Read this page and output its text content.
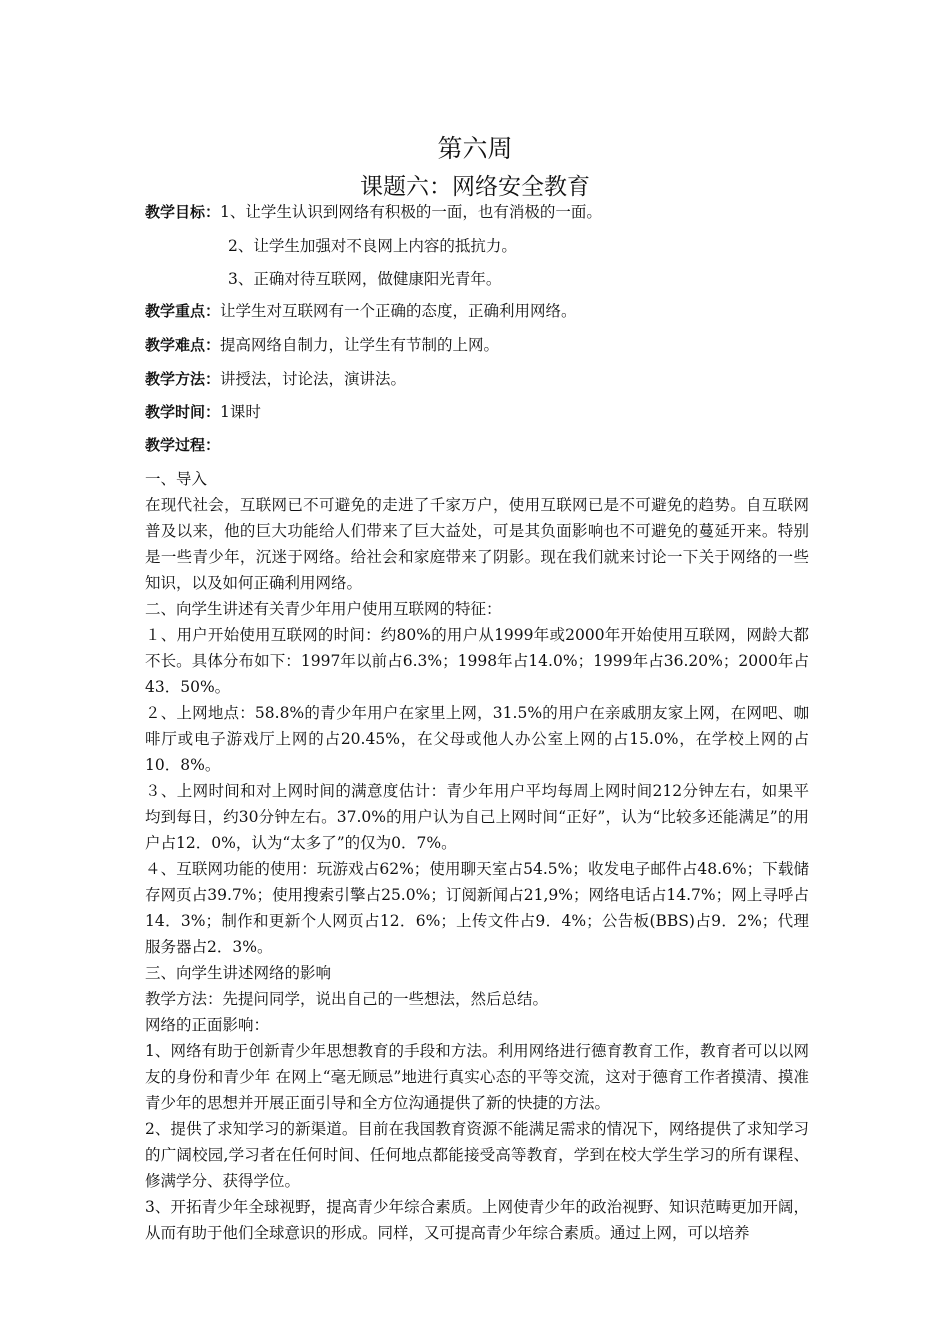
第六周
课题六：网络安全教育
教学目标：1、让学生认识到网络有积极的一面，也有消极的一面。
2、让学生加强对不良网上内容的抵抗力。
3、正确对待互联网，做健康阳光青年。
教学重点：让学生对互联网有一个正确的态度，正确利用网络。
教学难点：提高网络自制力，让学生有节制的上网。
教学方法：讲授法，讨论法，演讲法。
教学时间：1课时
教学过程：

一、导入

在现代社会，互联网已不可避免的走进了千家万户，使用互联网已是不可避免的趋势。自互联网普及以来，他的巨大功能给人们带来了巨大益处，可是其负面影响也不可避免的蔓延开来。特别是一些青少年，沉迷于网络。给社会和家庭带来了阴影。现在我们就来讨论一下关于网络的一些知识，以及如何正确利用网络。

二、向学生讲述有关青少年用户使用互联网的特征：

１、用户开始使用互联网的时间：约80%的用户从1999年或2000年开始使用互联网，网龄大都不长。具体分布如下：1997年以前占6.3%；1998年占14.0%；1999年占36.20%；2000年占43．50%。

２、上网地点：58.8%的青少年用户在家里上网，31.5%的用户在亲戚朋友家上网，在网吧、咖啡厅或电子游戏厅上网的占20.45%，在父母或他人办公室上网的占15.0%，在学校上网的占10．8%。

３、上网时间和对上网时间的满意度估计：青少年用户平均每周上网时间212分钟左右，如果平均到每日，约30分钟左右。37.0%的用户认为自己上网时间“正好”，认为“比较多还能满足”的用户占12．0%，认为“太多了”的仅为0．7%。

４、互联网功能的使用：玩游戏占62%；使用聊天室占54.5%；收发电子邮件占48.6%；下载储存网页占39.7%；使用搜索引擎占25.0%；订阅新闻占21,9%；网络电话占14.7%；网上寻呼占14．3%；制作和更新个人网页占12．6%；上传文件占9．4%；公告板(BBS)占9．2%；代理服务器占2．3%。

三、向学生讲述网络的影响

教学方法：先提问同学，说出自己的一些想法，然后总结。

网络的正面影响：

1、网络有助于创新青少年思想教育的手段和方法。利用网络进行德育教育工作，教育者可以以网友的身份和青少年 在网上“毫无顾忌”地进行真实心态的平等交流，这对于德育工作者摸清、摸准青少年的思想并开展正面引导和全方位沟通提供了新的快捷的方法。

2、提供了求知学习的新渠道。目前在我国教育资源不能满足需求的情况下，网络提供了求知学习的广阔校园,学习者在任何时间、任何地点都能接受高等教育，学到在校大学生学习的所有课程、修满学分、获得学位。

3、开拓青少年全球视野，提高青少年综合素质。上网使青少年的政治视野、知识范畴更加开阔，从而有助于他们全球意识的形成。同样，又可提高青少年综合素质。通过上网，可以培养
